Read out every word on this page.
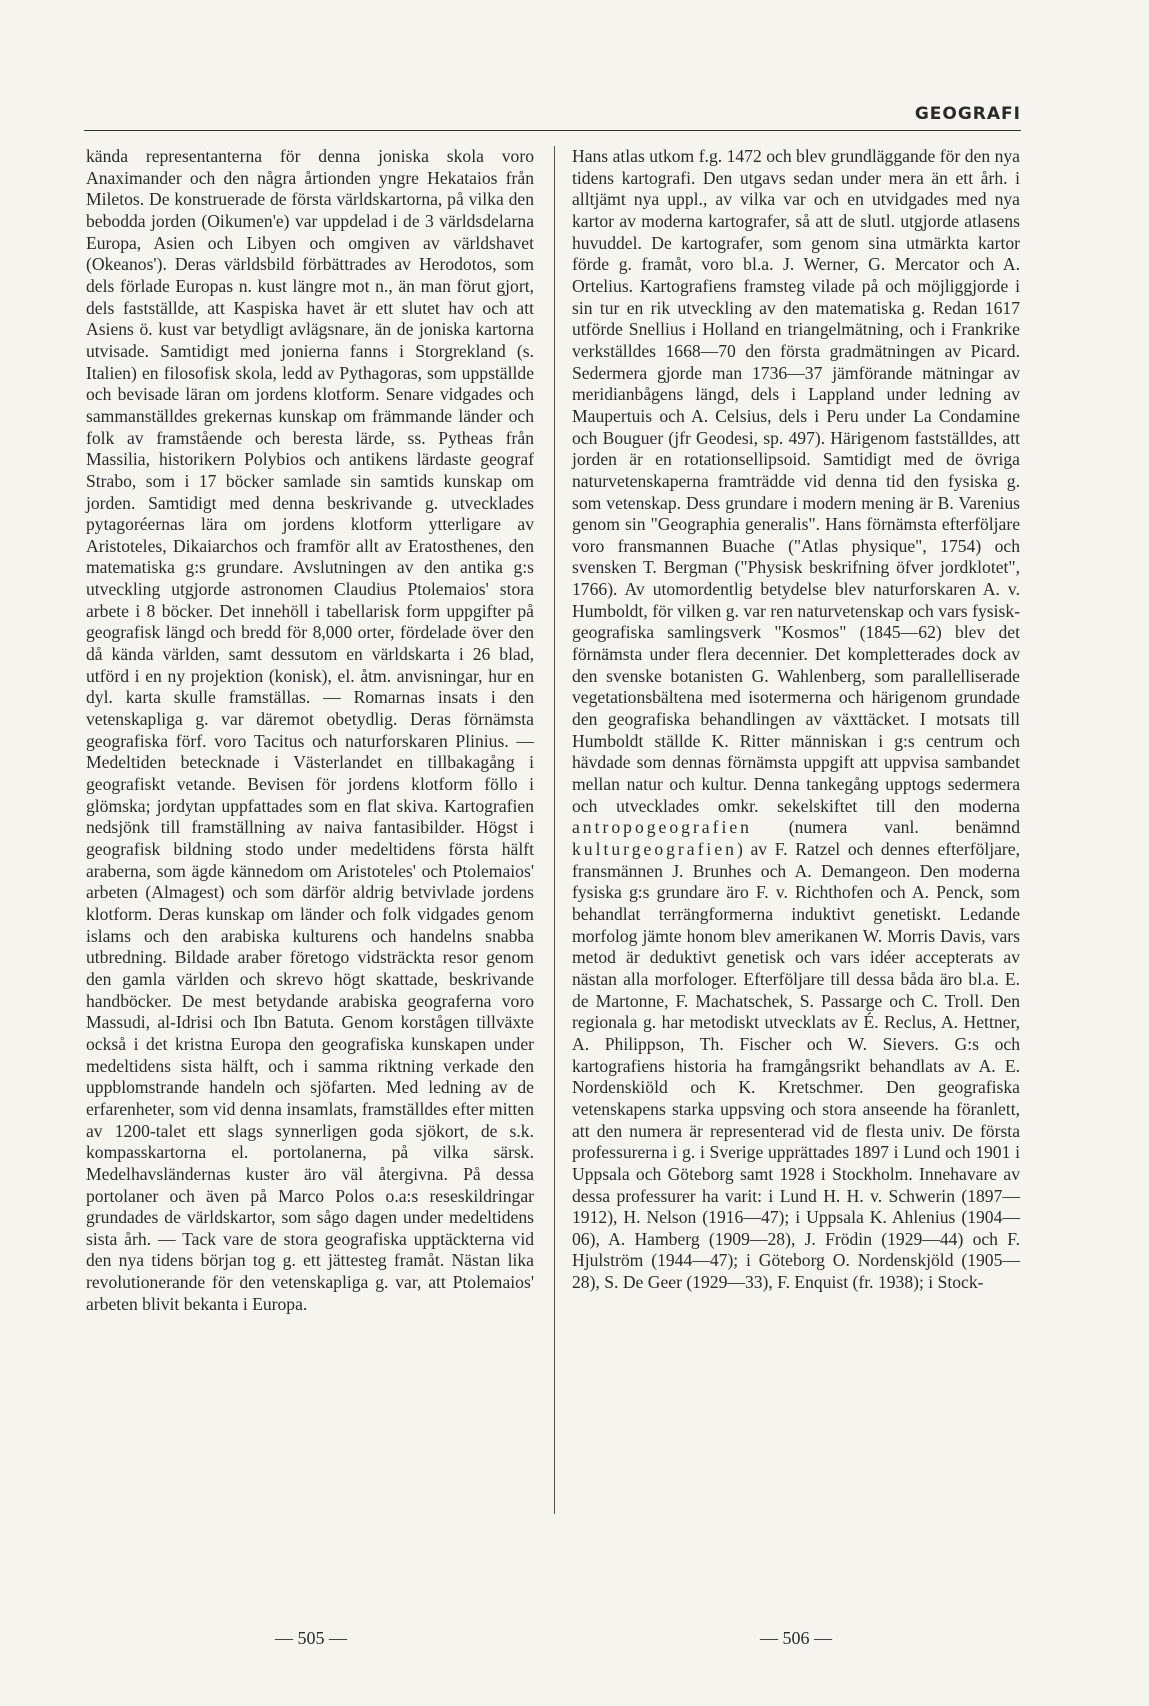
GEOGRAFI

kända representanterna för denna joniska skola voro Anaximander och den några årtionden yngre Hekataios från Miletos. De konstruerade de första världskartorna, på vilka den bebodda jorden (Oikumen'e) var uppdelad i de 3 världsdelarna Europa, Asien och Libyen och omgiven av världshavet (Okeanos'). Deras världsbild förbättrades av Herodotos, som dels förlade Europas n. kust längre mot n., än man förut gjort, dels fastställde, att Kaspiska havet är ett slutet hav och att Asiens ö. kust var betydligt avlägsnare, än de joniska kartorna utvisade. Samtidigt med jonierna fanns i Storgrekland (s. Italien) en filosofisk skola, ledd av Pythagoras, som uppställde och bevisade läran om jordens klotform. Senare vidgades och sammanställdes grekernas kunskap om främmande länder och folk av framstående och beresta lärde, ss. Pytheas från Massilia, historikern Polybios och antikens lärdaste geograf Strabo, som i 17 böcker samlade sin samtids kunskap om jorden. Samtidigt med denna beskrivande g. utvecklades pytagoréernas lära om jordens klotform ytterligare av Aristoteles, Dikaiarchos och framför allt av Eratosthenes, den matematiska g:s grundare. Avslutningen av den antika g:s utveckling utgjorde astronomen Claudius Ptolemaios' stora arbete i 8 böcker. Det innehöll i tabellarisk form uppgifter på geografisk längd och bredd för 8,000 orter, fördelade över den då kända världen, samt dessutom en världskarta i 26 blad, utförd i en ny projektion (konisk), el. åtm. anvisningar, hur en dyl. karta skulle framställas. — Romarnas insats i den vetenskapliga g. var däremot obetydlig. Deras förnämsta geografiska förf. voro Tacitus och naturforskaren Plinius. — Medeltiden betecknade i Västerlandet en tillbakagång i geografiskt vetande. Bevisen för jordens klotform föllo i glömska; jordytan uppfattades som en flat skiva. Kartografien nedsjönk till framställning av naiva fantasibilder. Högst i geografisk bildning stodo under medeltidens första hälft araberna, som ägde kännedom om Aristoteles' och Ptolemaios' arbeten (Almagest) och som därför aldrig betvivlade jordens klotform. Deras kunskap om länder och folk vidgades genom islams och den arabiska kulturens och handelns snabba utbredning. Bildade araber företogo vidsträckta resor genom den gamla världen och skrevo högt skattade, beskrivande handböcker. De mest betydande arabiska geograferna voro Massudi, al-Idrisi och Ibn Batuta. Genom korstågen tillväxte också i det kristna Europa den geografiska kunskapen under medeltidens sista hälft, och i samma riktning verkade den uppblomstrande handeln och sjöfarten. Med ledning av de erfarenheter, som vid denna insamlats, framställdes efter mitten av 1200-talet ett slags synnerligen goda sjökort, de s.k. kompasskartorna el. portolanerna, på vilka särsk. Medelhavsländernas kuster äro väl återgivna. På dessa portolaner och även på Marco Polos o.a:s reseskildringar grundades de världskartor, som sågo dagen under medeltidens sista årh. — Tack vare de stora geografiska upptäckterna vid den nya tidens början tog g. ett jättesteg framåt. Nästan lika revolutionerande för den vetenskapliga g. var, att Ptolemaios' arbeten blivit bekanta i Europa.

Hans atlas utkom f.g. 1472 och blev grundläggande för den nya tidens kartografi. Den utgavs sedan under mera än ett årh. i alltjämt nya uppl., av vilka var och en utvidgades med nya kartor av moderna kartografer, så att de slutl. utgjorde atlasens huvuddel. De kartografer, som genom sina utmärkta kartor förde g. framåt, voro bl.a. J. Werner, G. Mercator och A. Ortelius. Kartografiens framsteg vilade på och möjliggjorde i sin tur en rik utveckling av den matematiska g. Redan 1617 utförde Snellius i Holland en triangelmätning, och i Frankrike verkställdes 1668—70 den första gradmätningen av Picard. Sedermera gjorde man 1736—37 jämförande mätningar av meridianbågens längd, dels i Lappland under ledning av Maupertuis och A. Celsius, dels i Peru under La Condamine och Bouguer (jfr Geodesi, sp. 497). Härigenom fastställdes, att jorden är en rotationsellipsoid. Samtidigt med de övriga naturvetenskaperna framträdde vid denna tid den fysiska g. som vetenskap. Dess grundare i modern mening är B. Varenius genom sin "Geographia generalis". Hans förnämsta efterföljare voro fransmannen Buache ("Atlas physique", 1754) och svensken T. Bergman ("Physisk beskrifning öfver jordklotet", 1766). Av utomordentlig betydelse blev naturforskaren A. v. Humboldt, för vilken g. var ren naturvetenskap och vars fysisk-geografiska samlingsverk "Kosmos" (1845—62) blev det förnämsta under flera decennier. Det kompletterades dock av den svenske botanisten G. Wahlenberg, som parallelliserade vegetationsbältena med isotermerna och härigenom grundade den geografiska behandlingen av växttäcket. I motsats till Humboldt ställde K. Ritter människan i g:s centrum och hävdade som dennas förnämsta uppgift att uppvisa sambandet mellan natur och kultur. Denna tankegång upptogs sedermera och utvecklades omkr. sekelskiftet till den moderna antropogeografien (numera vanl. benämnd kulturgeografien) av F. Ratzel och dennes efterföljare, fransmännen J. Brunhes och A. Demangeon. Den moderna fysiska g:s grundare äro F. v. Richthofen och A. Penck, som behandlat terrängformerna induktivt genetiskt. Ledande morfolog jämte honom blev amerikanen W. Morris Davis, vars metod är deduktivt genetisk och vars idéer accepterats av nästan alla morfologer. Efterföljare till dessa båda äro bl.a. E. de Martonne, F. Machatschek, S. Passarge och C. Troll. Den regionala g. har metodiskt utvecklats av É. Reclus, A. Hettner, A. Philippson, Th. Fischer och W. Sievers. G:s och kartografiens historia ha framgångsrikt behandlats av A. E. Nordenskiöld och K. Kretschmer. Den geografiska vetenskapens starka uppsving och stora anseende ha föranlett, att den numera är representerad vid de flesta univ. De första professurerna i g. i Sverige upprättades 1897 i Lund och 1901 i Uppsala och Göteborg samt 1928 i Stockholm. Innehavare av dessa professurer ha varit: i Lund H. H. v. Schwerin (1897—1912), H. Nelson (1916—47); i Uppsala K. Ahlenius (1904—06), A. Hamberg (1909—28), J. Frödin (1929—44) och F. Hjulström (1944—47); i Göteborg O. Nordenskjöld (1905—28), S. De Geer (1929—33), F. Enquist (fr. 1938); i Stock-

— 505 —	— 506 —
